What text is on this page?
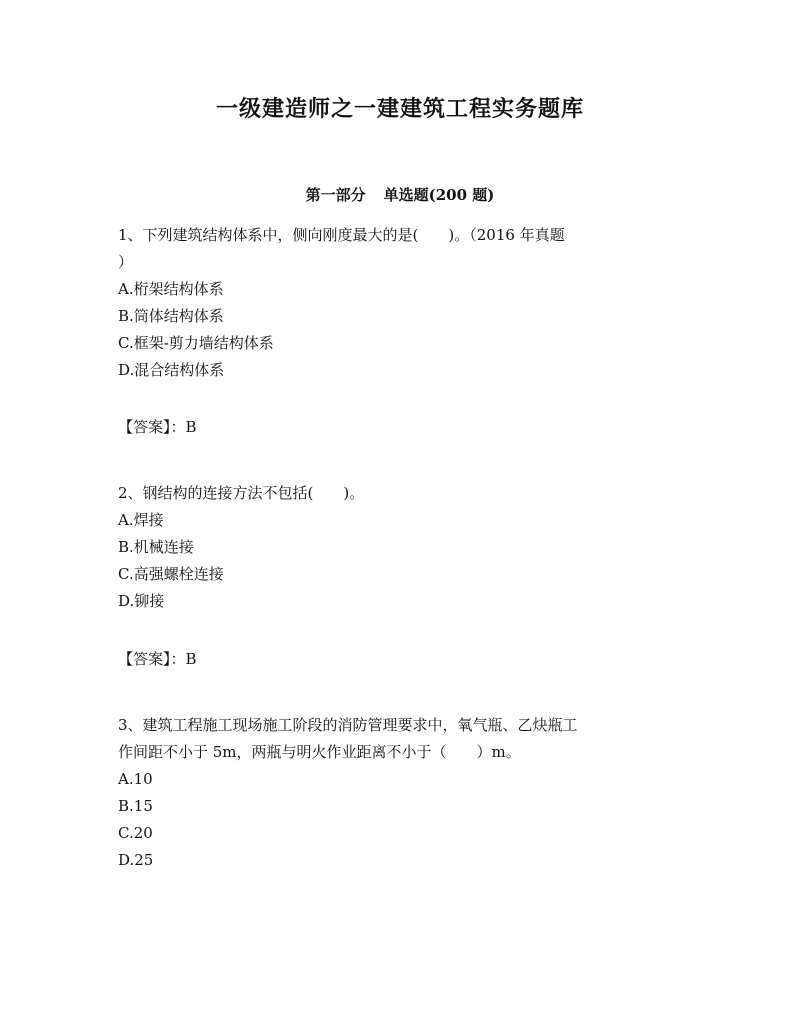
一级建造师之一建建筑工程实务题库
第一部分 单选题(200 题)

1、下列建筑结构体系中，侧向刚度最大的是(　　)。（2016 年真题

）

A.桁架结构体系

B.筒体结构体系

C.框架-剪力墙结构体系

D.混合结构体系

【答案】：B

2、钢结构的连接方法不包括(　　)。

A.焊接

B.机械连接

C.高强螺栓连接

D.铆接

【答案】：B

3、建筑工程施工现场施工阶段的消防管理要求中，氧气瓶、乙炔瓶工

作间距不小于 5m，两瓶与明火作业距离不小于（　　）m。

A.10

B.15

C.20

D.25
